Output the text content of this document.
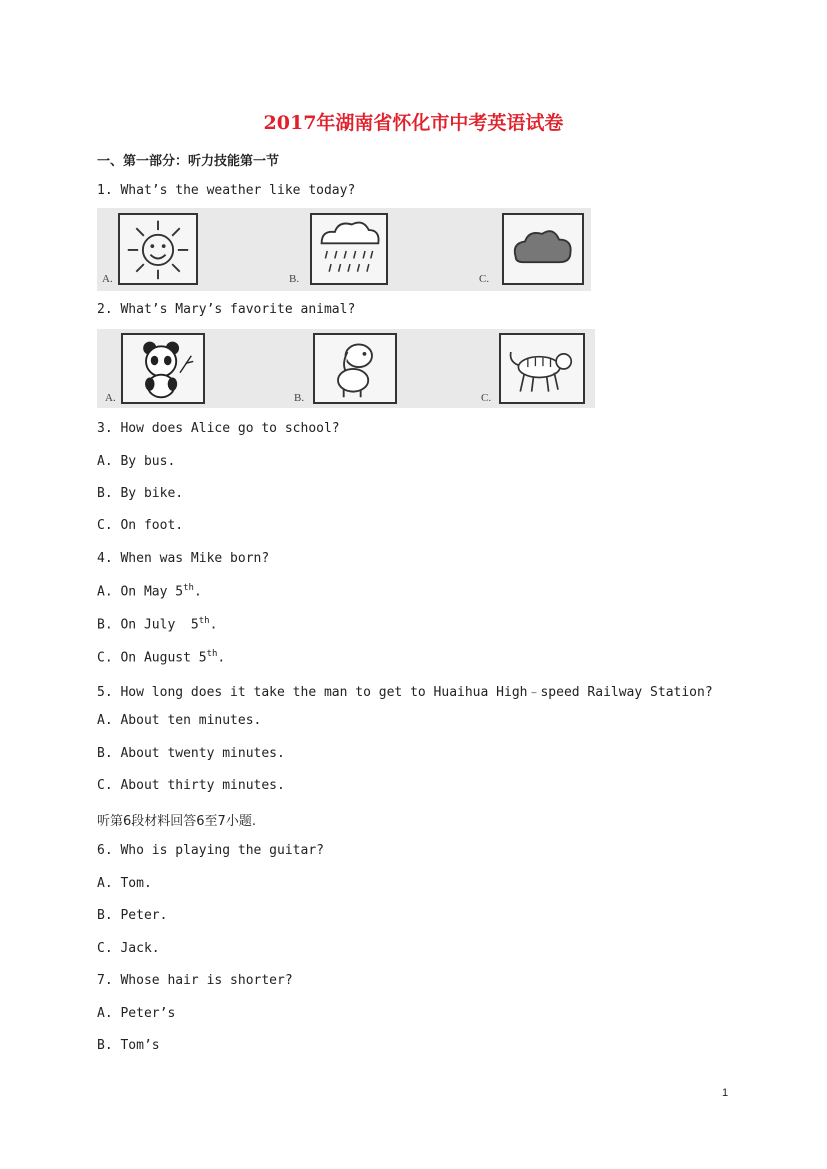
2017年湖南省怀化市中考英语试卷
一、第一部分：听力技能第一节
1. What’s the weather like today?
A.	B.	C.
2. What’s Mary’s favorite animal?
A.	B.	C.
3. How does Alice go to school?
A. By bus.
B. By bike.
C. On foot.
4. When was Mike born?
A. On May 5th.
B. On July  5th.
C. On August 5th.
5. How long does it take the man to get to Huaihua High﹣speed Railway Station?
A. About ten minutes.
B. About twenty minutes.
C. About thirty minutes.
听第6段材料回答6至7小题.
6. Who is playing the guitar?
A. Tom.
B. Peter.
C. Jack.
7. Whose hair is shorter?
A. Peter’s
B. Tom’s
1
